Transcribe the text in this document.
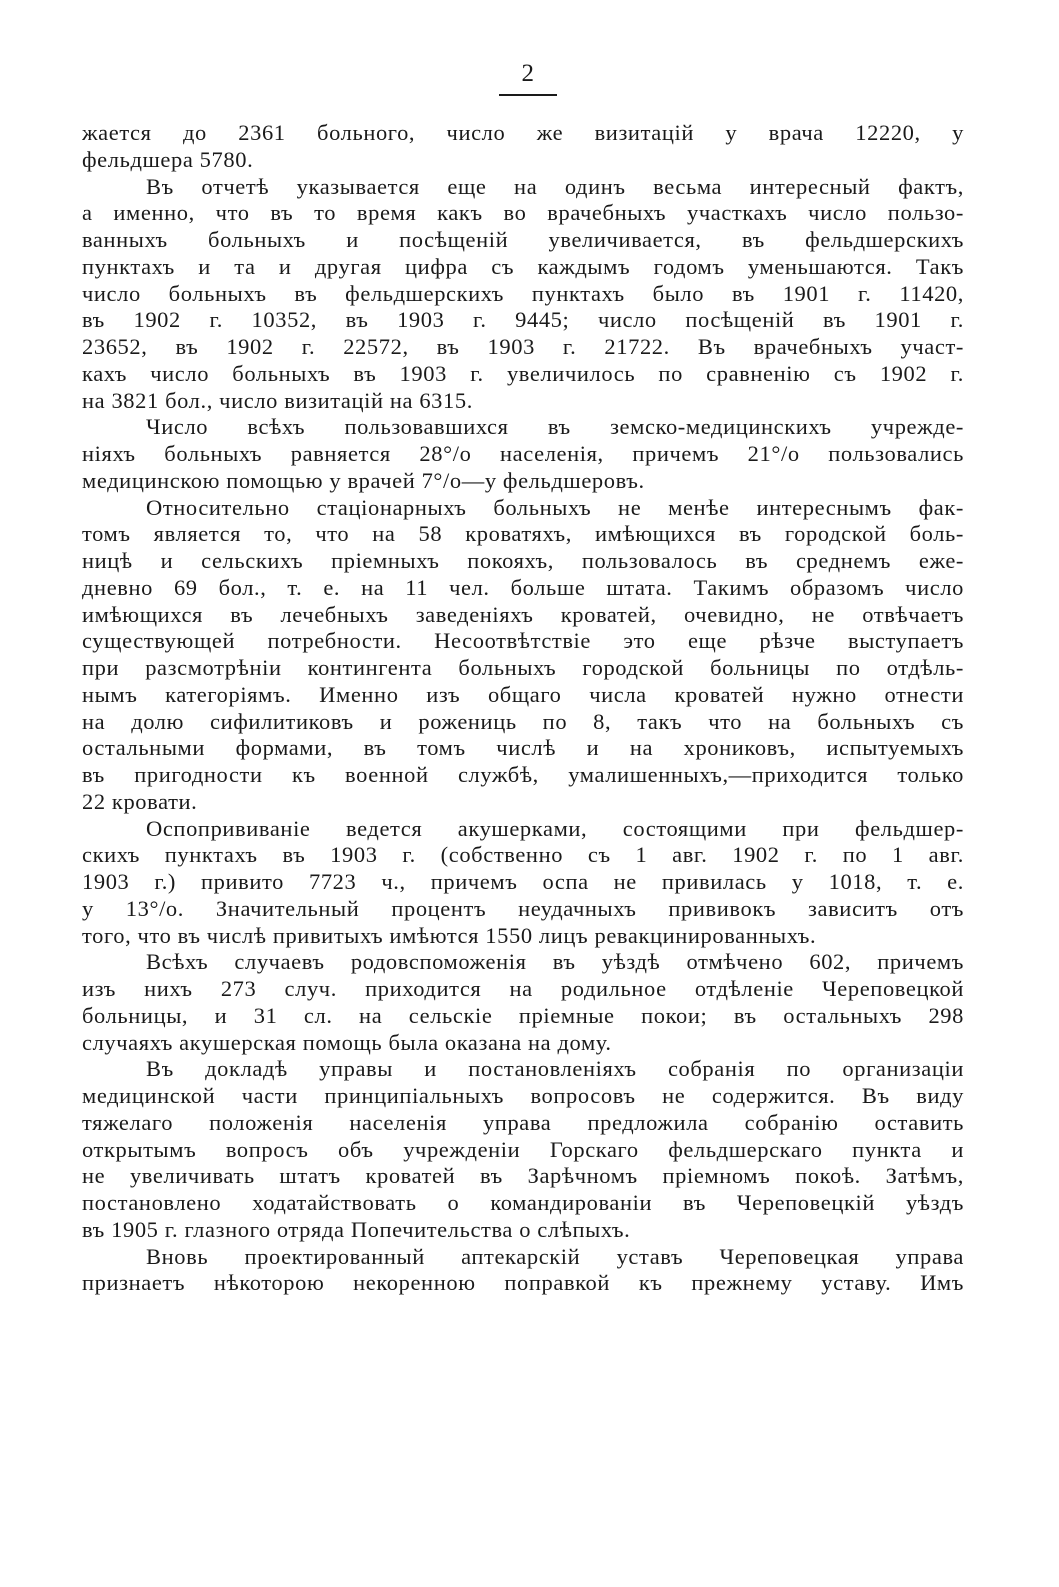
2
жается до 2361 больного, число же визитацій у врача 12220, у
фельдшера 5780.
Въ отчетѣ указывается еще на одинъ весьма интересный фактъ,
а именно, что въ то время какъ во врачебныхъ участкахъ число пользо-
ванныхъ больныхъ и посѣщеній увеличивается, въ фельдшерскихъ
пунктахъ и та и другая цифра съ каждымъ годомъ уменьшаются. Такъ
число больныхъ въ фельдшерскихъ пунктахъ было въ 1901 г. 11420,
въ 1902 г. 10352, въ 1903 г. 9445; число посѣщеній въ 1901 г.
23652, въ 1902 г. 22572, въ 1903 г. 21722. Въ врачебныхъ участ-
кахъ число больныхъ въ 1903 г. увеличилось по сравненію съ 1902 г.
на 3821 бол., число визитацій на 6315.
Число всѣхъ пользовавшихся въ земско-медицинскихъ учрежде-
ніяхъ больныхъ равняется 28°/о населенія, причемъ 21°/о пользовались
медицинскою помощью у врачей 7°/о—у фельдшеровъ.
Относительно стаціонарныхъ больныхъ не менѣе интереснымъ фак-
томъ является то, что на 58 кроватяхъ, имѣющихся въ городской боль-
ницѣ и сельскихъ пріемныхъ покояхъ, пользовалось въ среднемъ еже-
дневно 69 бол., т. е. на 11 чел. больше штата. Такимъ образомъ число
имѣющихся въ лечебныхъ заведеніяхъ кроватей, очевидно, не отвѣчаетъ
существующей потребности. Несоотвѣтствіе это еще рѣзче выступаетъ
при разсмотрѣніи контингента больныхъ городской больницы по отдѣль-
нымъ категоріямъ. Именно изъ общаго числа кроватей нужно отнести
на долю сифилитиковъ и рожениць по 8, такъ что на больныхъ съ
остальными формами, въ томъ числѣ и на хрониковъ, испытуемыхъ
въ пригодности къ военной службѣ, умалишенныхъ,—приходится только
22 кровати.
Оспопрививаніе ведется акушерками, состоящими при фельдшер-
скихъ пунктахъ въ 1903 г. (собственно съ 1 авг. 1902 г. по 1 авг.
1903 г.) привито 7723 ч., причемъ оспа не привилась у 1018, т. е.
у 13°/о. Значительный процентъ неудачныхъ прививокъ зависитъ отъ
того, что въ числѣ привитыхъ имѣются 1550 лицъ ревакцинированныхъ.
Всѣхъ случаевъ родовспоможенія въ уѣздѣ отмѣчено 602, причемъ
изъ нихъ 273 случ. приходится на родильное отдѣленіе Череповецкой
больницы, и 31 сл. на сельскіе пріемные покои; въ остальныхъ 298
случаяхъ акушерская помощь была оказана на дому.
Въ докладѣ управы и постановленіяхъ собранія по организаціи
медицинской части принципіальныхъ вопросовъ не содержится. Въ виду
тяжелаго положенія населенія управа предложила собранію оставить
открытымъ вопросъ объ учрежденіи Горскаго фельдшерскаго пункта и
не увеличивать штатъ кроватей въ Зарѣчномъ пріемномъ покоѣ. Затѣмъ,
постановлено ходатайствовать о командированіи въ Череповецкій уѣздъ
въ 1905 г. глазного отряда Попечительства о слѣпыхъ.
Вновь проектированный аптекарскій уставъ Череповецкая управа
признаетъ нѣкоторою некоренною поправкой къ прежнему уставу. Имъ
